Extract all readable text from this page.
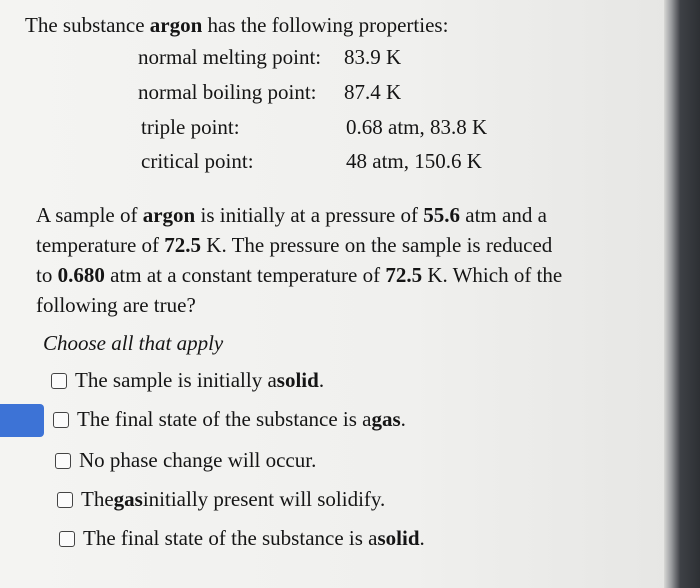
The substance argon has the following properties:
normal melting point: 83.9 K
normal boiling point: 87.4 K
triple point:	0.68 atm, 83.8 K
critical point:	48 atm, 150.6 K
A sample of argon is initially at a pressure of 55.6 atm and a
temperature of 72.5 K. The pressure on the sample is reduced
to 0.680 atm at a constant temperature of 72.5 K. Which of the
following are true?
Choose all that apply
The sample is initially a solid .
The final state of the substance is a gas .
No phase change will occur.
The gas initially present will solidify.
The final state of the substance is a solid .
